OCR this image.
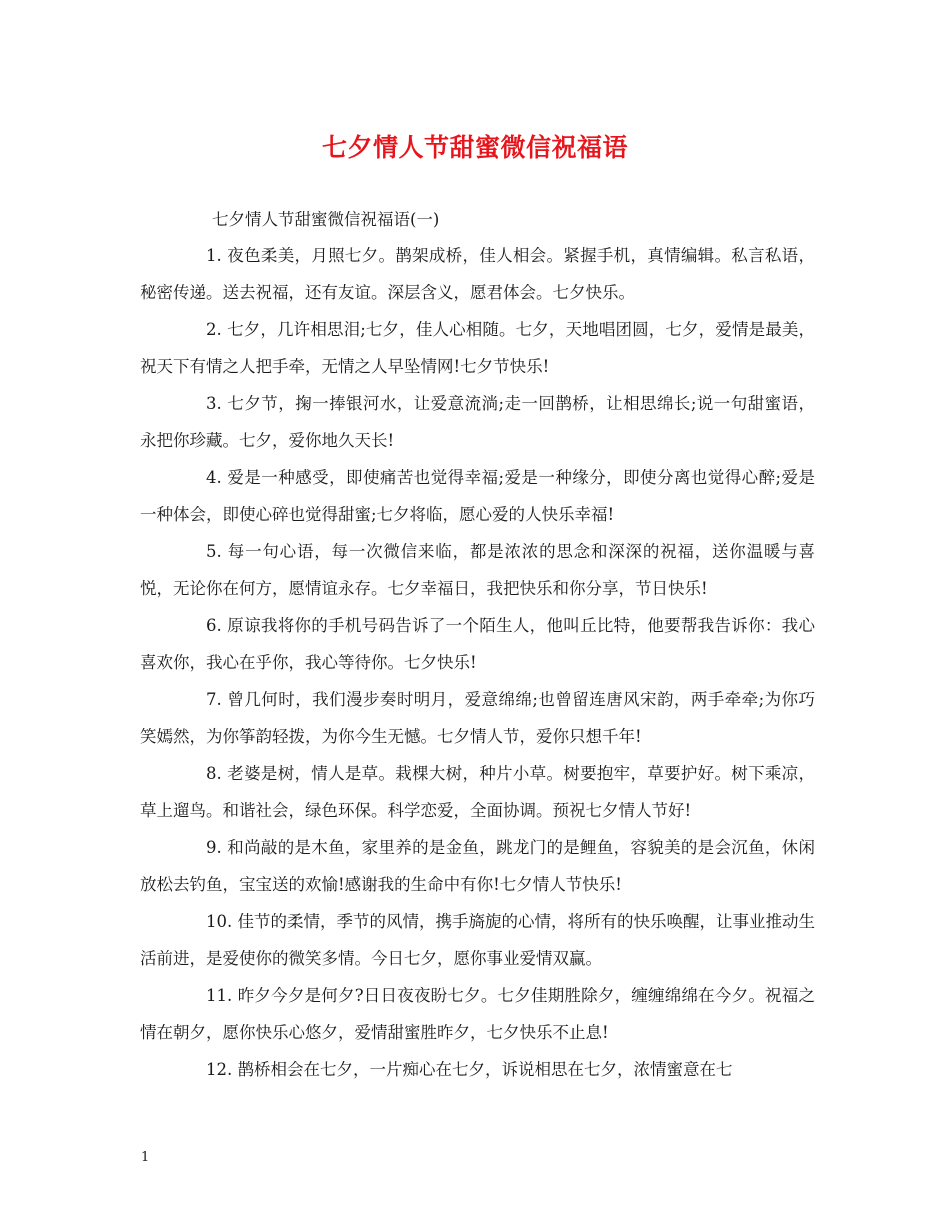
七夕情人节甜蜜微信祝福语
七夕情人节甜蜜微信祝福语(一)

1. 夜色柔美，月照七夕。鹊架成桥，佳人相会。紧握手机，真情编辑。私言私语，秘密传递。送去祝福，还有友谊。深层含义，愿君体会。七夕快乐。

2. 七夕，几许相思泪;七夕，佳人心相随。七夕，天地唱团圆，七夕，爱情是最美，祝天下有情之人把手牵，无情之人早坠情网!七夕节快乐!

3. 七夕节，掬一捧银河水，让爱意流淌;走一回鹊桥，让相思绵长;说一句甜蜜语，永把你珍藏。七夕，爱你地久天长!

4. 爱是一种感受，即使痛苦也觉得幸福;爱是一种缘分，即使分离也觉得心醉;爱是一种体会，即使心碎也觉得甜蜜;七夕将临，愿心爱的人快乐幸福!

5. 每一句心语，每一次微信来临，都是浓浓的思念和深深的祝福，送你温暖与喜悦，无论你在何方，愿情谊永存。七夕幸福日，我把快乐和你分享，节日快乐!

6. 原谅我将你的手机号码告诉了一个陌生人，他叫丘比特，他要帮我告诉你：我心喜欢你，我心在乎你，我心等待你。七夕快乐!

7. 曾几何时，我们漫步奏时明月，爱意绵绵;也曾留连唐风宋韵，两手牵牵;为你巧笑嫣然，为你筝韵轻拨，为你今生无憾。七夕情人节，爱你只想千年!

8. 老婆是树，情人是草。栽棵大树，种片小草。树要抱牢，草要护好。树下乘凉，草上遛鸟。和谐社会，绿色环保。科学恋爱，全面协调。预祝七夕情人节好!

9. 和尚敲的是木鱼，家里养的是金鱼，跳龙门的是鲤鱼，容貌美的是会沉鱼，休闲放松去钓鱼，宝宝送的欢愉!感谢我的生命中有你!七夕情人节快乐!

10. 佳节的柔情，季节的风情，携手旖旎的心情，将所有的快乐唤醒，让事业推动生活前进，是爱使你的微笑多情。今日七夕，愿你事业爱情双赢。

11. 昨夕今夕是何夕?日日夜夜盼七夕。七夕佳期胜除夕，缠缠绵绵在今夕。祝福之情在朝夕，愿你快乐心悠夕，爱情甜蜜胜昨夕，七夕快乐不止息!

12. 鹊桥相会在七夕，一片痴心在七夕，诉说相思在七夕，浓情蜜意在七

1
